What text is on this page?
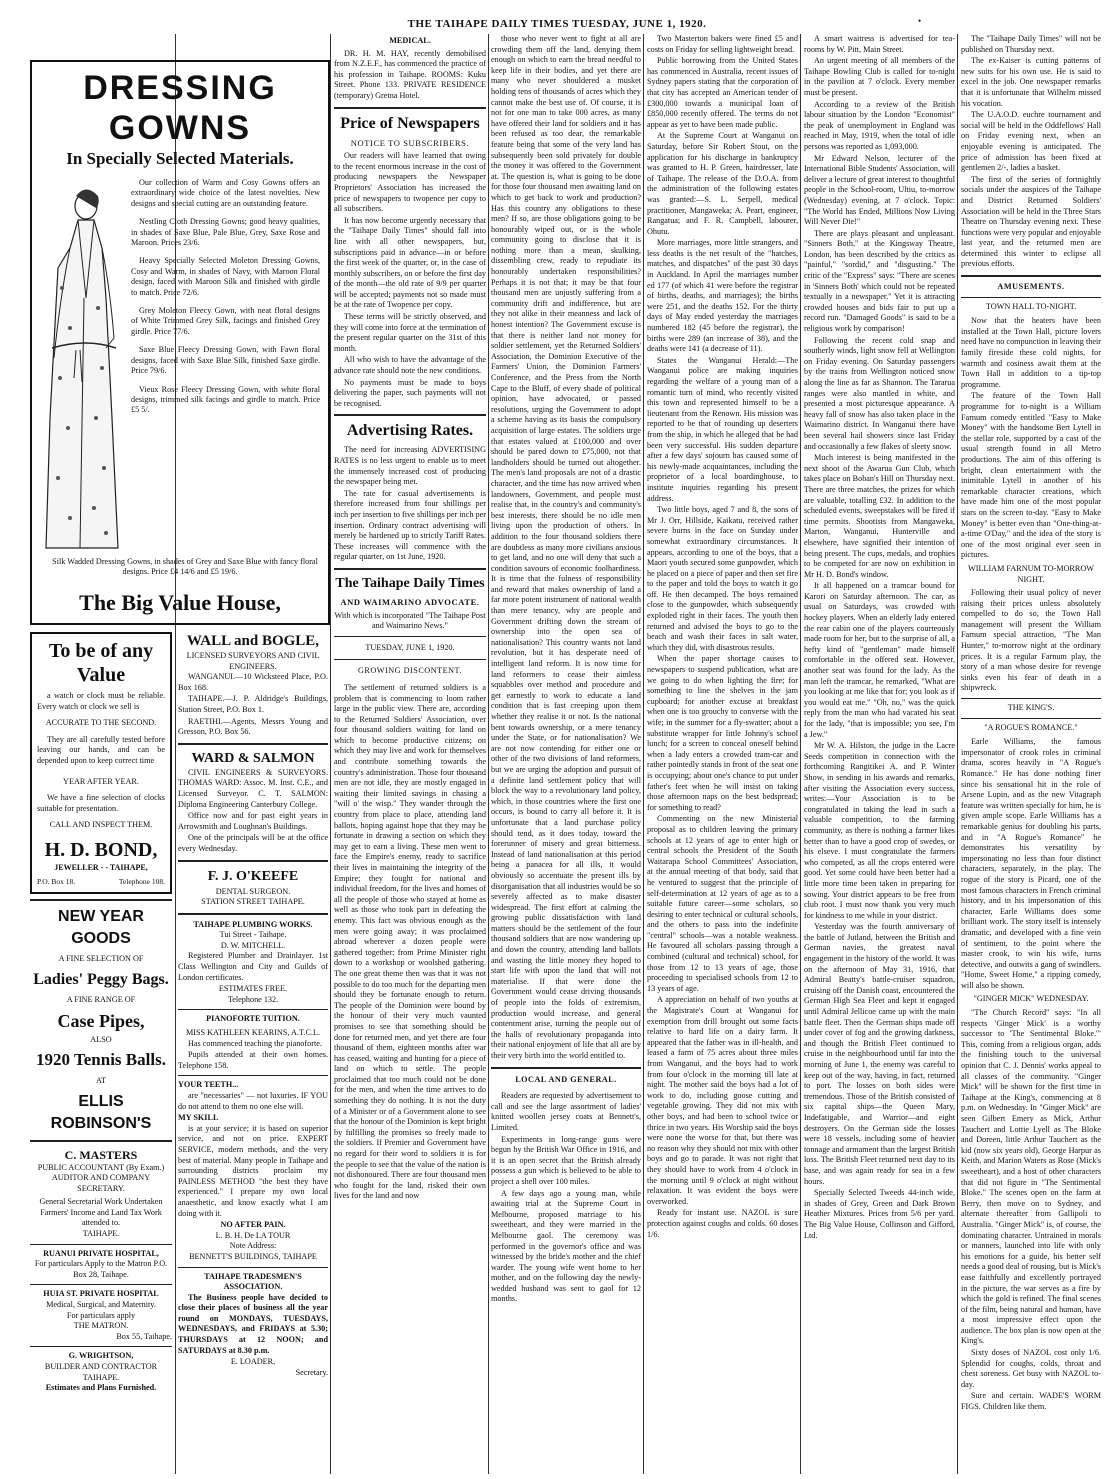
THE TAIHAPE DAILY TIMES TUESDAY, JUNE 1, 1920.	•
DRESSING GOWNS
In Specially Selected Materials.

Our collection of Warm and Cosy Gowns offers an extraordinary wide choice of the latest novelties. New designs and special cutting are an outstanding feature.

Nestling Cloth Dressing Gowns; good heavy qualities, in shades of Saxe Blue, Pale Blue, Grey, Saxe Rose and Maroon. Prices 23/6.

Heavy Specially Selected Moleton Dressing Gowns, Cosy and Warm, in shades of Navy, with Maroon Floral design, faced with Maroon Silk and finished with girdle to match. Price 72/6.

Grey Moleton Fleecy Gown, with neat floral designs of White Trimmed Grey Silk, facings and finished Grey girdle. Price 77/6.

Saxe Blue Fleecy Dressing Gown, with Fawn floral designs, faced with Saxe Blue Silk, finished Saxe girdle. Price 79/6.

Vieux Rose Fleecy Dressing Gown, with white floral designs, trimmed silk facings and girdle to match. Price £5 5/.

Silk Wadded Dressing Gowns, in shades of Grey and Saxe Blue with fancy floral designs. Price £4 14/6 and £5 19/6.

The Big Value House,
To be of any
Value

a watch or clock must be reliable. Every watch or clock we sell is

ACCURATE TO THE SECOND.

They are all carefully tested before leaving our hands, and can be depended upon to keep correct time

YEAR AFTER YEAR.

We have a fine selection of clocks suitable for presentation.

CALL AND INSPECT THEM.

H. D. BOND,
JEWELLER - - TAIHAPE,
P.O. Box 18.	Telephone 108.
NEW YEAR GOODS
A FINE SELECTION OF
Ladies' Peggy Bags.
A FINE RANGE OF
Case Pipes,
ALSO
1920 Tennis Balls.
AT
ELLIS ROBINSON'S
C. MASTERS
PUBLIC ACCOUNTANT (By Exam.)
AUDITOR AND COMPANY SECRETARY.
General Secretarial Work Undertaken
Farmers' Income and Land Tax Work attended to.
TAIHAPE.
RUANUI PRIVATE HOSPITAL,
For particulars Apply to the Matron P.O. Box 28, Taihape.
HUIA ST. PRIVATE HOSPITAL
Medical, Surgical, and Maternity.
For particulars apply
THE MATRON.
Box 55, Taihape.
G. WRIGHTSON,
BUILDER AND CONTRACTOR
TAIHAPE.
Estimates and Plans Furnished.
WALL and BOGLE,
LICENSED SURVEYORS AND CIVIL ENGINEERS.

WANGANUI.—10 Wicksteed Place, P.O. Box 168.

TAIHAPE.—J. P. Aldridge's Buildings, Station Street, P.O. Box 1.

RAETIHI.—Agents, Messrs Young and Gresson, P.O. Box 56.

WARD & SALMON

CIVIL ENGINEERS & SURVEYORS. THOMAS WARD: Assoc. M. Inst. C.E., and Licensed Surveyor. C. T. SALMON: Diploma Engineering Canterbury College.

Office now and for past eight years in Arrowsmith and Loughnan's Buildings.

One of the principals will be at the office every Wednesday.

F. J. O'KEEFE
DENTAL SURGEON.
STATION STREET TAIHAPE.
TAIHAPE PLUMBING WORKS.
Tui Street - Taihape.
D. W. MITCHELL.

Registered Plumber and Drainlayer. 1st Class Wellington and City and Guilds of London certificates.

ESTIMATES FREE.
Telephone 132.
PIANOFORTE TUITION.
MISS KATHLEEN KEARINS, A.T.C.L.

Has commenced teaching the pianoforte.

Pupils attended at their own homes. Telephone 158.

YOUR TEETH...

are "necessaries" — not luxuries. IF YOU do not attend to them no one else will.

MY SKILL

is at your service; it is based on superior service, and not on price. EXPERT SERVICE, modern methods, and the very best of material. Many people in Taihape and surrounding districts proclaim my PAINLESS METHOD "the best they have experienced." I prepare my own local anaesthetic, and know exactly what I am doing with it.

NO AFTER PAIN.
L. B. H. De LA TOUR
Note Address:
BENNETT'S BUILDINGS, TAIHAPE
TAIHAPE TRADESMEN'S ASSOCIATION.

The Business people have decided to close their places of business all the year round on MONDAYS, TUESDAYS, WEDNESDAYS, and FRIDAYS at 5.30; THURSDAYS at 12 NOON; and SATURDAYS at 8.30 p.m.

E. LOADER,
Secretary.
MEDICAL.

DR. H. M. HAY, recently demobilised from N.Z.E.F., has commenced the practice of his profession in Taihape. ROOMS: Kuku Street. Phone 133. PRIVATE RESIDENCE (temporary) Gretna Hotel.

Price of Newspapers
NOTICE TO SUBSCRIBERS.

Our readers will have learned that owing to the recent enormous increase in the cost of producing newspapers the Newspaper Proprietors' Association has increased the price of newspapers to twopence per copy to all subscribers.

It has now become urgently necessary that the "Taihape Daily Times" should fall into line with all other newspapers, but, subscriptions paid in advance—in or before the first week of the quarter, or, in the case of monthly subscribers, on or before the first day of the month—the old rate of 9/9 per quarter will be accepted; payments not so made must be at the rate of Twopence per copy.

These terms will be strictly observed, and they will come into force at the termination of the present regular quarter on the 31st of this month.

All who wish to have the advantage of the advance rate should note the new conditions.

No payments must be made to boys delivering the paper, such payments will not be recognised.

Advertising Rates.

The need for increasing ADVERTISING RATES is no less urgent to enable us to meet the immensely increased cost of producing the newspaper being met.

The rate for casual advertisements is therefore increased from four shillings per inch per insertion to five shillings per inch per insertion. Ordinary contract advertising will merely be hardened up to strictly Tariff Rates. These increases will commence with the regular quarter, on 1st June, 1920.

The Taihape Daily Times
AND WAIMARINO ADVOCATE.
With which is incorporated "The Taihape Post and Waimarino News."
TUESDAY, JUNE 1, 1920.
GROWING DISCONTENT.

The settlement of returned soldiers is a problem that is commencing to loom rather large in the public view. There are, according to the Returned Soldiers' Association, over four thousand soldiers waiting for land on which to become productive citizens; on which they may live and work for themselves and contribute something towards the country's administration. Those four thousand men are not idle, they are mostly engaged in waiting their limited savings in chasing a "will o' the wisp." They wander through the country from place to place, attending land ballots, hoping against hope that they may be fortunate in drawing a section on which they may get to earn a living. These men went to face the Empire's enemy, ready to sacrifice their lives in maintaining the integrity of the Empire; they fought for national and individual freedom, for the lives and homes of all the people of those who stayed at home as well as those who took part in defeating the enemy. This fact was obvious enough as the men were going away; it was proclaimed abroad wherever a dozen people were gathered together; from Prime Minister right down to a workshop or woolshed gathering. The one great theme then was that it was not possible to do too much for the departing men should they be fortunate enough to return. The people of the Dominion were bound by the honour of their very much vaunted promises to see that something should be done for returned men, and yet there are four thousand of them, eighteen months after war has ceased, waiting and hunting for a piece of land on which to settle. The people proclaimed that too much could not be done for the men, and when the time arrives to do something they do nothing. It is not the duty of a Minister or of a Government alone to see that the honour of the Dominion is kept bright by fulfilling the promises so freely made to the soldiers. If Premier and Government have no regard for their word to soldiers it is for the people to see that the value of the nation is not dishonoured. There are four thousand men who fought for the land, risked their own lives for the land and now

those who never went to fight at all are crowding them off the land, denying them enough on which to earn the bread needful to keep life in their bodies, and yet there are many who never shouldered a musket holding tens of thousands of acres which they cannot make the best use of. Of course, it is not for one man to take 000 acres, as many have offered their land for soldiers and it has been refused as too dear, the remarkable feature being that some of the very land has subsequently been sold privately for double the money it was offered to the Government at. The question is, what is going to be done for those four thousand men awaiting land on which to get back to work and production? Has this country any obligations to these men? If so, are those obligations going to be honourably wiped out, or is the whole community going to disclose that it is nothing more than a mean, skulking, dissembling crew, ready to repudiate its honourably undertaken responsibilities? Perhaps it is not that; it may be that four thousand men are unjustly suffering from a community drift and indifference, but are they not alike in their meanness and lack of honest intention? The Government excuse is that there is neither land nor money for soldier settlement, yet the Returned Soldiers' Association, the Dominion Executive of the Farmers' Union, the Dominion Farmers' Conference, and the Press from the North Cape to the Bluff, of every shade of political opinion, have advocated, or passed resolutions, urging the Government to adopt a scheme having as its basis the compulsory acquisition of large estates. The soldiers urge that estates valued at £100,000 and over should be pared down to £75,000, not that landholders should be turned out altogether. The men's land proposals are not of a drastic character, and the time has now arrived when landowners, Government, and people must realise that, in the country's and community's best interests, there should be no idle men living upon the production of others. In addition to the four thousand soldiers there are doubtless as many more civilians anxious to get land, and no one will deny that such a condition savours of economic foolhardiness. It is time that the fulness of responsibility and reward that makes ownership of land a far more potent instrument of national wealth than mere tenancy, why are people and Government drifting down the stream of ownership into the open sea of nationalisation? This country wants not land revolution, but it has desperate need of intelligent land reform. It is now time for land reformers to cease their aimless squabbles over method and procedure and get earnestly to work to educate a land condition that is fast creeping upon them whether they realise it or not. Is the national bent towards ownership, or a mere tenancy under the State, or for nationalisation? We are not now contending for either one or other of the two divisions of land reformers, but we are urging the adoption and pursuit of a definite land settlement policy that will block the way to a revolutionary land policy, which, in those countries where the first one occurs, is bound to carry all before it. It is unfortunate that a land purchase policy should tend, as it does today, toward the forerunner of misery and great bitterness. Instead of land nationalisation at this period being a panacea for all ills, it would obviously so accentuate the present ills by disorganisation that all industries would be so severely affected as to make disaster widespread. The first effort at calming the growing public dissatisfaction with land matters should be the settlement of the four thousand soldiers that are now wandering up and down the country, attending land ballots and wasting the little money they hoped to start life with upon the land that will not materialise. If that were done the Government would cease driving thousands of people into the folds of extremism, production would increase, and general contentment arise, turning the people out of the halls of revolutionary propaganda into their national enjoyment of life that all are by their very birth into the world entitled to.

LOCAL AND GENERAL.

Readers are requested by advertisement to call and see the large assortment of ladies' knitted woollen jersey coats at Bennett's, Limited.

Experiments in long-range guns were begun by the British War Office in 1916, and it is an open secret that the British already possess a gun which is believed to be able to project a shell over 100 miles.

A few days ago a young man, while awaiting trial at the Supreme Court in Melbourne, proposed marriage to his sweetheart, and they were married in the Melbourne gaol. The ceremony was performed in the governor's office and was witnessed by the bride's mother and the chief warder. The young wife went home to her mother, and on the following day the newly-wedded husband was sent to gaol for 12 months.

Two Masterton bakers were fined £5 and costs on Friday for selling lightweight bread.

Public borrowing from the United States has commenced in Australia, recent issues of Sydney papers stating that the corporation of that city has accepted an American tender of £300,000 towards a municipal loan of £850,000 recently offered. The terms do not appear as yet to have been made public.

At the Supreme Court at Wanganui on Saturday, before Sir Robert Stout, on the application for his discharge in bankruptcy was granted to H. P. Green, hairdresser, late of Taihape. The release of the D.O.A. from the administration of the following estates was granted:—S. L. Serpell, medical practitioner, Mangaweka; A. Peart, engineer, Rangatua; and F. R. Campbell, labourer, Ohutu.

More marriages, more little strangers, and less deaths is the net result of the "hatches, matches, and dispatches" of the past 30 days in Auckland. In April the marriages number ed 177 (of which 41 were before the registrar of births, deaths, and marriages); the births were 251, and the deaths 152. For the thirty days of May ended yesterday the marriages numbered 182 (45 before the registrar), the births were 289 (an increase of 38), and the deaths were 141 (a decrease of 11).

States the Wanganui Herald:—The Wanganui police are making inquiries regarding the welfare of a young man of a romantic turn of mind, who recently visited this town and represented himself to be a lieutenant from the Renown. His mission was reported to be that of rounding up deserters from the ship, in which he alleged that he had been very successful. His sudden departure after a few days' sojourn has caused some of his newly-made acquaintances, including the proprietor of a local boardinghouse, to institute inquiries regarding his present address.

Two little boys, aged 7 and 8, the sons of Mr J. Orr, Hillside, Kaikatu, received rather severe burns in the face on Sunday under somewhat extraordinary circumstances. It appears, according to one of the boys, that a Maori youth secured some gunpowder, which he placed on a piece of paper and then set fire to the paper and told the boys to watch it go off. He then decamped. The boys remained close to the gunpowder, which subsequently exploded right in their faces. The youth then returned and advised the boys to go to the beach and wash their faces in salt water, which they did, with disastrous results.

When the paper shortage causes to newspapers to suspend publication, what are we going to do when lighting the fire; for something to line the shelves in the jam cupboard; for another excuse at breakfast when one is too grouchy to converse with the wife; in the summer for a fly-swatter; about a substitute wrapper for little Johnny's school lunch; for a screen to conceal oneself behind when a lady enters a crowded tram-car and rather pointedly stands in front of the seat one is occupying; about one's chance to put under father's feet when he will insist on taking those afternoon naps on the best bedspread; for something to read?

Commenting on the new Ministerial proposal as to children leaving the primary schools at 12 years of age to enter high or central schools the President of the South Waitarapa School Committees' Association, at the annual meeting of that body, said that he ventured to suggest that the principle of self-determination at 12 years of age as to a suitable future career—some scholars, so desiring to enter technical or cultural schools, and the others to pass into the indefinite "central" schools—was a notable weakness. He favoured all scholars passing through a combined (cultural and technical) school, for those from 12 to 13 years of age, those proceeding to specialised schools from 12 to 13 years of age.

A appreciation on behalf of two youths at the Magistrate's Court at Wanganui for exemption from drill brought out some facts relative to hard life on a dairy farm. It appeared that the father was in ill-health, and leased a farm of 75 acres about three miles from Wanganui, and the boys had to work from four o'clock in the morning till late at night. The mother said the boys had a lot of work to do, including goose cutting and vegetable growing. They did not mix with other boys, and had been to school twice or thrice in two years. His Worship said the boys were none the worse for that, but there was no reason why they should not mix with other boys and go to parade. It was not right that they should have to work from 4 o'clock in the morning until 9 o'clock at night without relaxation. It was evident the boys were overworked.

Ready for instant use. NAZOL is sure protection against coughs and colds. 60 doses 1/6.

A smart waitress is advertised for tea-rooms by W. Pitt, Main Street.

An urgent meeting of all members of the Taihape Bowling Club is called for to-night in the pavilion at 7 o'clock. Every member must be present.

According to a review of the British labour situation by the London "Economist" the peak of unemployment in England was reached in May, 1919, when the total of idle persons was reported as 1,093,000.

Mr Edward Nelson, lecturer of the International Bible Students' Association, will deliver a lecture of great interest to thoughtful people in the School-room, Ultiu, to-morrow (Wednesday) evening, at 7 o'clock. Topic: "The World has Ended, Millions Now Living Will Never Die!"

There are plays pleasant and unpleasant. "Sinners Both," at the Kingsway Theatre, London, has been described by the critics as "painful," "sordid," and "disgusting." The critic of the "Express" says: "There are scenes in 'Sinners Both' which could not be repeated textually in a newspaper." Yet it is attracting crowded houses and bids fair to put up a record run. "Damaged Goods" is said to be a religious work by comparison!

Following the recent cold snap and southerly winds, light snow fell at Wellington on Friday evening. On Saturday passengers by the trains from Wellington noticed snow along the line as far as Shannon. The Tararua ranges were also mantled in white, and presented a most picturesque appearance. A heavy fall of snow has also taken place in the Waimarino district. In Wanganui there have been several hail showers since last Friday and occasionally a few flakes of sleety snow.

Much interest is being manifested in the next shoot of the Awarua Gun Club, which takes place on Boban's Hill on Thursday next. There are three matches, the prizes for which are valuable, totalling £32. In addition to the scheduled events, sweepstakes will be fired if time permits. Shootists from Mangaweka, Marton, Wanganui, Hunterville and elsewhere, have signified their intention of being present. The cups, medals, and trophies to be competed for are now on exhibition in Mr H. D. Bond's window.

It all happened on a tramcar bound for Karori on Saturday afternoon. The car, as usual on Saturdays, was crowded with hockey players. When an elderly lady entered the rear cabin one of the players courteously made room for her, but to the surprise of all, a hefty kind of "gentleman" made himself comfortable in the offered seat. However, another seat was found for the lady. As the man left the tramcar, he remarked, "What are you looking at me like that for; you look as if you would eat me." "Oh, no," was the quick reply from the man who had vacated his seat for the lady, "that is impossible; you see, I'm a Jew."

Mr W. A. Hilston, the judge in the Lacre Seeds competition in connection with the forthcoming Rangitikei A. and P. Winter Show, in sending in his awards and remarks, after visiting the Association every success, writes:—Your Association is to be congratulated in taking the lead in such a valuable competition, to the farming community, as there is nothing a farmer likes better than to have a good crop of swedes, or his elseve. I must congratulate the farmers who competed, as all the crops entered were good. Yet some could have been better had a little more time been taken in preparing for sowing. Your district appears to be free from club root. I must now thank you very much for kindness to me while in your district.

Yesterday was the fourth anniversary of the battle of Jutland, between the British and German navies, the greatest naval engagement in the history of the world. It was on the afternoon of May 31, 1916, that Admiral Beatty's battle-cruiser squadron, cruising off the Danish coast, encountered the German High Sea Fleet and kept it engaged until Admiral Jellicoe came up with the main battle fleet. Then the German ships made off under cover of fog and the growing darkness, and though the British Fleet continued to cruise in the neighbourhood until far into the morning of June 1, the enemy was careful to keep out of the way, having, in fact, returned to port. The losses on both sides were tremendous. Those of the British consisted of six capital ships—the Queen Mary, Indefatigable, and Warrior—and eight destroyers. On the German side the losses were 18 vessels, including some of heavier tonnage and armament than the largest British loss. The British Fleet returned next day to its base, and was again ready for sea in a few hours.

Specially Selected Tweeds 44-inch wide, in shades of Grey, Green and Dark Brown Heather Mixtures. Prices from 5/6 per yard. The Big Value House, Collinson and Gifford, Ltd.

The "Taihape Daily Times" will not be published on Thursday next.

The ex-Kaiser is cutting patterns of new suits for his own use. He is said to excel in the job. One newspaper remarks that it is unfortunate that Wilhelm missed his vocation.

The U.A.O.D. euchre tournament and social will be held in the Oddfellows' Hall on Friday evening next, when an enjoyable evening is anticipated. The price of admission has been fixed at gentlemen 2/-, ladies a basket.

The first of the series of fortnightly socials under the auspices of the Taihape and District Returned Soldiers' Association will be held in the Three Stars Theatre on Thursday evening next. These functions were very popular and enjoyable last year, and the returned men are determined this winter to eclipse all previous efforts.

AMUSEMENTS.
TOWN HALL TO-NIGHT.

Now that the heaters have been installed at the Town Hall, picture lovers need have no compunction in leaving their family fireside these cold nights, for warmth and cosiness await them at the Town Hall in addition to a tip-top programme.

The feature of the Town Hall programme for to-night is a William Farnum comedy entitled "Easy to Make Money" with the handsome Bert Lytell in the stellar role, supported by a cast of the usual strength found in all Metro productions. The aim of this offering is bright, clean entertainment with the inimitable Lytell in another of his remarkable character creations, which have made him one of the most popular stars on the screen to-day. "Easy to Make Money" is better even than "One-thing-at-a-time O'Day," and the idea of the story is one of the most original ever seen in pictures.

WILLIAM FARNUM TO-MORROW NIGHT.

Following their usual policy of never raising their prices unless absolutely compelled to do so, the Town Hall management will present the William Farnum special attraction, "The Man Hunter," to-morrow night at the ordinary prices. It is a regular Farnum play, the story of a man whose desire for revenge sinks even his fear of death in a shipwreck.

THE KING'S.
"A ROGUE'S ROMANCE."

Earle Williams, the famous impersonator of crook roles in criminal drama, scores heavily in "A Rogue's Romance." He has done nothing finer since his sensational hit in the role of Arsene Lupin, and as the new Vitagraph feature was written specially for him, he is given ample scope. Earle Williams has a remarkable genius for doubling his parts, and in "A Rogue's Romance" he demonstrates his versatility by impersonating no less than four distinct characters, separately, in the play. The rogue of the story is Picard, one of the most famous characters in French criminal history, and in his impersonation of this character, Earle Williams does some brilliant work. The story itself is intensely dramatic, and developed with a fine vein of sentiment, to the point where the master crook, to win his wife, turns detective, and outwits a gang of swindlers. "Home, Sweet Home," a ripping comedy, will also be shown.

"GINGER MICK" WEDNESDAY.

"The Church Record" says: "In all respects 'Ginger Mick' is a worthy successor to 'The Sentimental Bloke.'" This, coming from a religious organ, adds the finishing touch to the universal opinion that C. J. Dennis' works appeal to all classes of the community. "Ginger Mick" will be shown for the first time in Taihape at the King's, commencing at 8 p.m. on Wednesday. In "Ginger Mick" are seen Gilbert Emery as Mick, Arthur Tauchert and Lottie Lyell as The Bloke and Doreen, little Arthur Tauchert as the kid (now six years old), George Harpur as Keith, and Marion Waters as Rose (Mick's sweetheart), and a host of other characters that did not figure in "The Sentimental Bloke." The scenes open on the farm at Berry, then move on to Sydney, and alternate thereafter from Gallipoli to Australia. "Ginger Mick" is, of course, the dominating character. Untrained in morals or manners, launched into life with only his emotions for a guide, his better self needs a good deal of rousing, but is Mick's ease faithfully and excellently portrayed in the picture, the war serves as a fire by which the gold is refined. The final scenes of the film, being natural and human, have a most impressive effect upon the audience. The box plan is now open at the King's.

Sixty doses of NAZOL cost only 1/6. Splendid for coughs, colds, throat and chest soreness. Get busy with NAZOL to-day.

Sure and certain. WADE'S WORM FIGS. Children like them.
